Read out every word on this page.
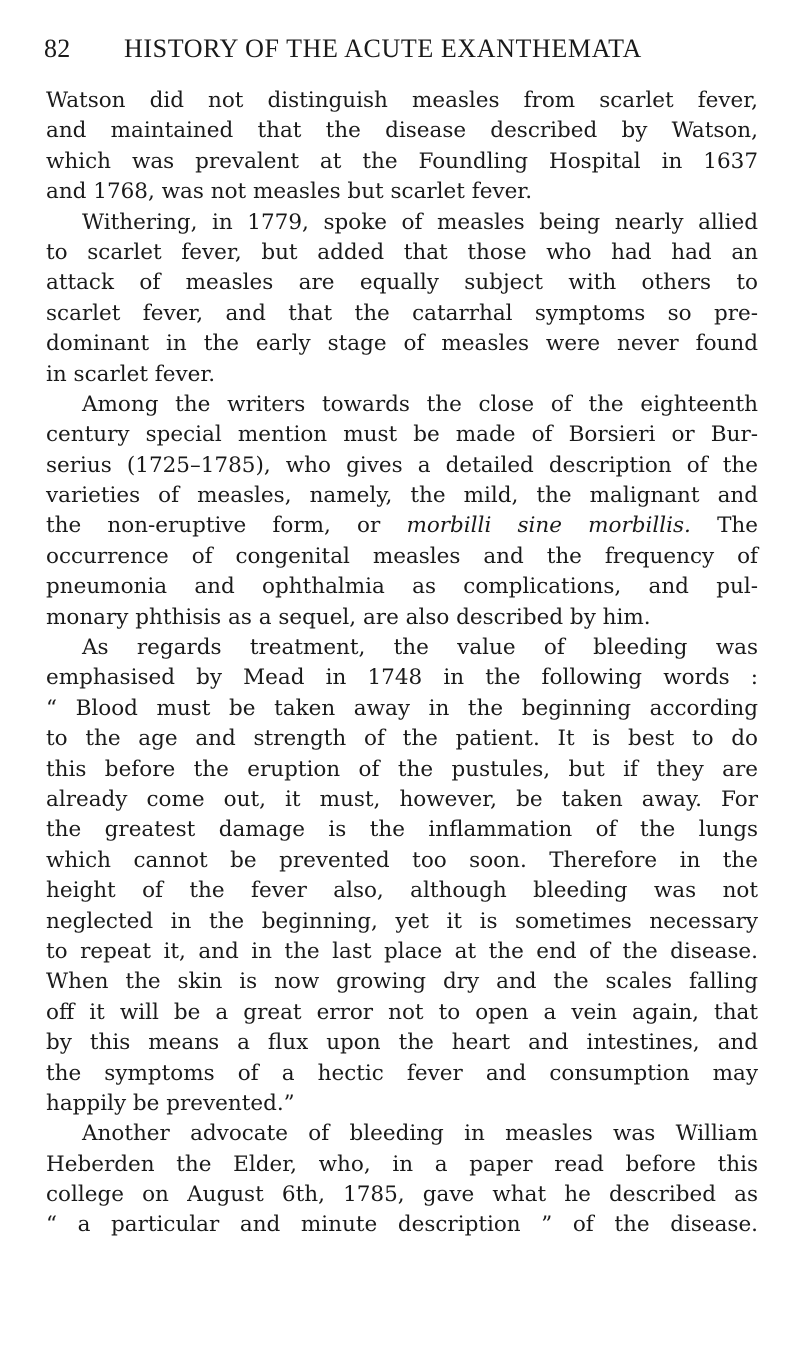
82 HISTORY OF THE ACUTE EXANTHEMATA
Watson did not distinguish measles from scarlet fever,
and maintained that the disease described by Watson,
which was prevalent at the Foundling Hospital in 1637
and 1768, was not measles but scarlet fever.
Withering, in 1779, spoke of measles being nearly allied
to scarlet fever, but added that those who had had an
attack of measles are equally subject with others to
scarlet fever, and that the catarrhal symptoms so pre-
dominant in the early stage of measles were never found
in scarlet fever.
Among the writers towards the close of the eighteenth
century special mention must be made of Borsieri or Bur-
serius (1725–1785), who gives a detailed description of the
varieties of measles, namely, the mild, the malignant and
the non-eruptive form, or morbilli sine morbillis. The
occurrence of congenital measles and the frequency of
pneumonia and ophthalmia as complications, and pul-
monary phthisis as a sequel, are also described by him.
As regards treatment, the value of bleeding was
emphasised by Mead in 1748 in the following words :
“ Blood must be taken away in the beginning according
to the age and strength of the patient. It is best to do
this before the eruption of the pustules, but if they are
already come out, it must, however, be taken away. For
the greatest damage is the inflammation of the lungs
which cannot be prevented too soon. Therefore in the
height of the fever also, although bleeding was not
neglected in the beginning, yet it is sometimes necessary
to repeat it, and in the last place at the end of the disease.
When the skin is now growing dry and the scales falling
off it will be a great error not to open a vein again, that
by this means a flux upon the heart and intestines, and
the symptoms of a hectic fever and consumption may
happily be prevented.”
Another advocate of bleeding in measles was William
Heberden the Elder, who, in a paper read before this
college on August 6th, 1785, gave what he described as
“ a particular and minute description ” of the disease.
